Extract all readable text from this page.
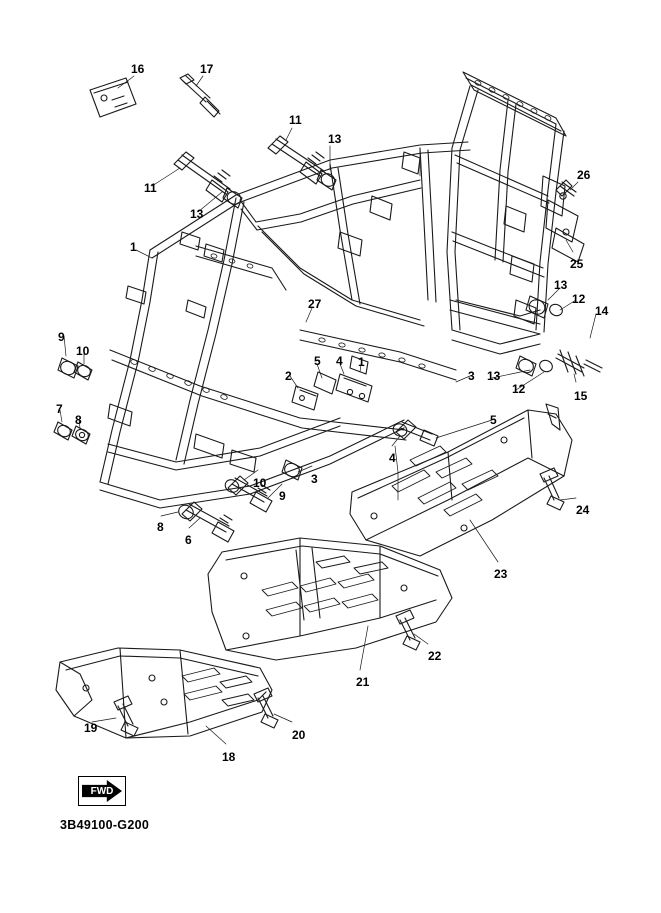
16	17
11
13
26
11
13
25
1
13
12
14
27
9
10
15
5 4 1
2	3 13
12
7
8	5
4
3
10
9
24
8
6
23
22
21
19	20
18
FWD
3B49100-G200
